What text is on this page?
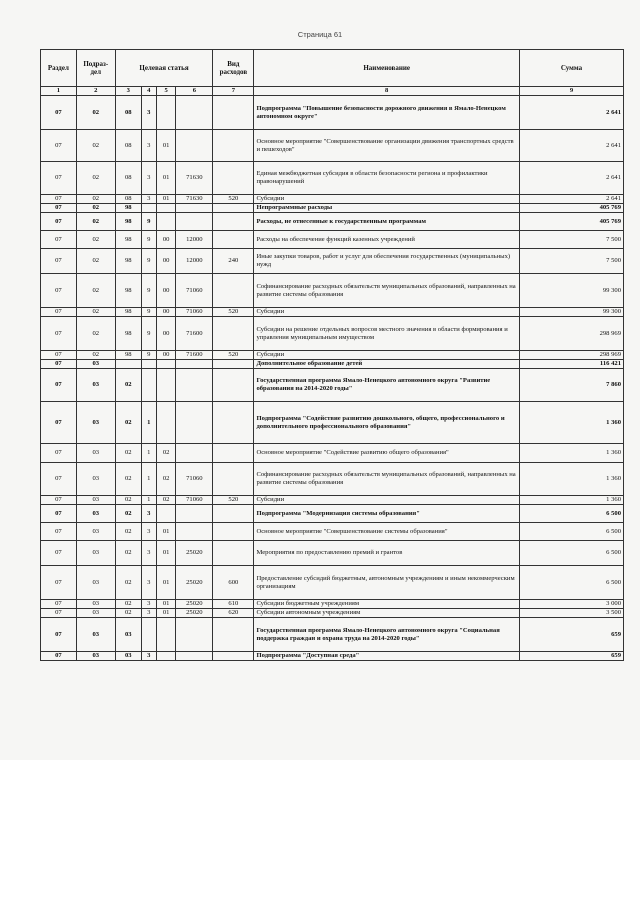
Страница 61
Раздел	Подраз-дел	Целевая статья				Вид расходов	Наименование	Сумма
1	2	3	4	5	6	7	8	9
07	02	08	3				Подпрограмма "Повышение безопасности дорожного движения в Ямало-Ненецком автономном округе"	2 641
07	02	08	3	01			Основное мероприятие "Совершенствование организации движения транспортных средств и пешеходов"	2 641
07	02	08	3	01	71630		Единая межбюджетная субсидия в области безопасности региона и профилактики правонарушений	2 641
07	02	08	3	01	71630	520	Субсидии	2 641
07	02	98					Непрограммные расходы	405 769
07	02	98	9				Расходы, не отнесенные к государственным программам	405 769
07	02	98	9	00	12000		Расходы на обеспечение функций казенных учреждений	7 500
07	02	98	9	00	12000	240	Иные закупки товаров, работ и услуг для обеспечения государственных (муниципальных) нужд	7 500
07	02	98	9	00	71060		Софинансирование расходных обязательств муниципальных образований, направленных на развитие системы образования	99 300
07	02	98	9	00	71060	520	Субсидии	99 300
07	02	98	9	00	71600		Субсидии на решение отдельных вопросов местного значения в области формирования и управления муниципальным имуществом	298 969
07	02	98	9	00	71600	520	Субсидии	298 969
07	03						Дополнительное образование детей	116 421
07	03	02					Государственная программа Ямало-Ненецкого автономного округа "Развитие образования на 2014-2020 годы"	7 860
07	03	02	1				Подпрограмма "Содействие развитию дошкольного, общего, профессионального и дополнительного профессионального образования"	1 360
07	03	02	1	02			Основное мероприятие "Содействие развитию общего образования"	1 360
07	03	02	1	02	71060		Софинансирование расходных обязательств муниципальных образований, направленных на развитие системы образования	1 360
07	03	02	1	02	71060	520	Субсидии	1 360
07	03	02	3				Подпрограмма "Модернизация системы образования"	6 500
07	03	02	3	01			Основное мероприятие "Совершенствование системы образования"	6 500
07	03	02	3	01	25020		Мероприятия по предоставлению премий и грантов	6 500
07	03	02	3	01	25020	600	Предоставление субсидий бюджетным, автономным учреждениям и иным некоммерческим организациям	6 500
07	03	02	3	01	25020	610	Субсидии бюджетным учреждениям	3 000
07	03	02	3	01	25020	620	Субсидии автономным учреждениям	3 500
07	03	03					Государственная программа Ямало-Ненецкого автономного округа "Социальная поддержка граждан и охрана труда на 2014-2020 годы"	659
07	03	03	3				Подпрограмма "Доступная среда"	659
